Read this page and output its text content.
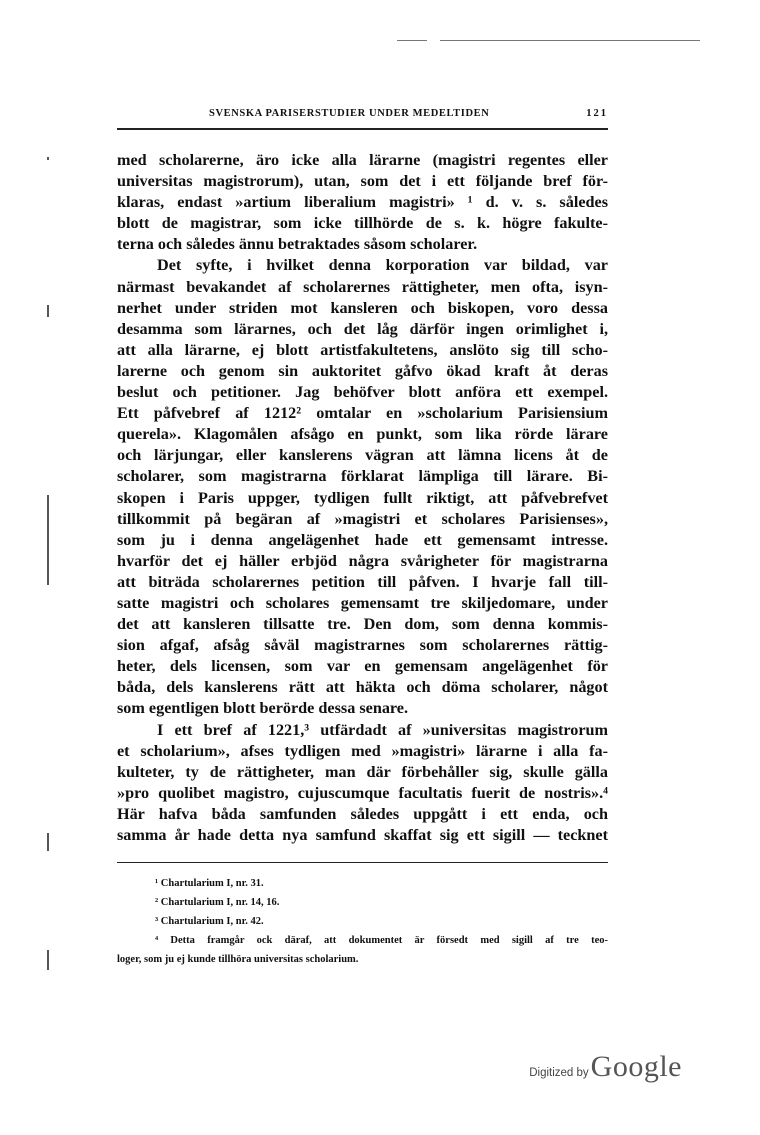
SVENSKA PARISERSTUDIER UNDER MEDELTIDEN	121
med scholarerne, äro icke alla lärarne (magistri regentes eller
universitas magistrorum), utan, som det i ett följande bref för-
klaras, endast »artium liberalium magistri» ¹ d. v. s. således
blott de magistrar, som icke tillhörde de s. k. högre fakulte-
terna och således ännu betraktades såsom scholarer.
Det syfte, i hvilket denna korporation var bildad, var
närmast bevakandet af scholarernes rättigheter, men ofta, isyn-
nerhet under striden mot kansleren och biskopen, voro dessa
desamma som lärarnes, och det låg därför ingen orimlighet i,
att alla lärarne, ej blott artistfakultetens, anslöto sig till scho-
larerne och genom sin auktoritet gåfvo ökad kraft åt deras
beslut och petitioner. Jag behöfver blott anföra ett exempel.
Ett påfvebref af 1212² omtalar en »scholarium Parisiensium
querela». Klagomålen afsågo en punkt, som lika rörde lärare
och lärjungar, eller kanslerens vägran att lämna licens åt de
scholarer, som magistrarna förklarat lämpliga till lärare. Bi-
skopen i Paris uppger, tydligen fullt riktigt, att påfvebrefvet
tillkommit på begäran af »magistri et scholares Parisienses»,
som ju i denna angelägenhet hade ett gemensamt intresse.
hvarför det ej häller erbjöd några svårigheter för magistrarna
att biträda scholarernes petition till påfven. I hvarje fall till-
satte magistri och scholares gemensamt tre skiljedomare, under
det att kansleren tillsatte tre. Den dom, som denna kommis-
sion afgaf, afsåg såväl magistrarnes som scholarernes rättig-
heter, dels licensen, som var en gemensam angelägenhet för
båda, dels kanslerens rätt att häkta och döma scholarer, något
som egentligen blott berörde dessa senare.
I ett bref af 1221,³ utfärdadt af »universitas magistrorum
et scholarium», afses tydligen med »magistri» lärarne i alla fa-
kulteter, ty de rättigheter, man där förbehåller sig, skulle gälla
»pro quolibet magistro, cujuscumque facultatis fuerit de nostris».⁴
Här hafva båda samfunden således uppgått i ett enda, och
samma år hade detta nya samfund skaffat sig ett sigill — tecknet
¹ Chartularium I, nr. 31.
² Chartularium I, nr. 14, 16.
³ Chartularium I, nr. 42.
⁴ Detta framgår ock däraf, att dokumentet är försedt med sigill af tre teo-
loger, som ju ej kunde tillhöra universitas scholarium.
Digitized by Google
